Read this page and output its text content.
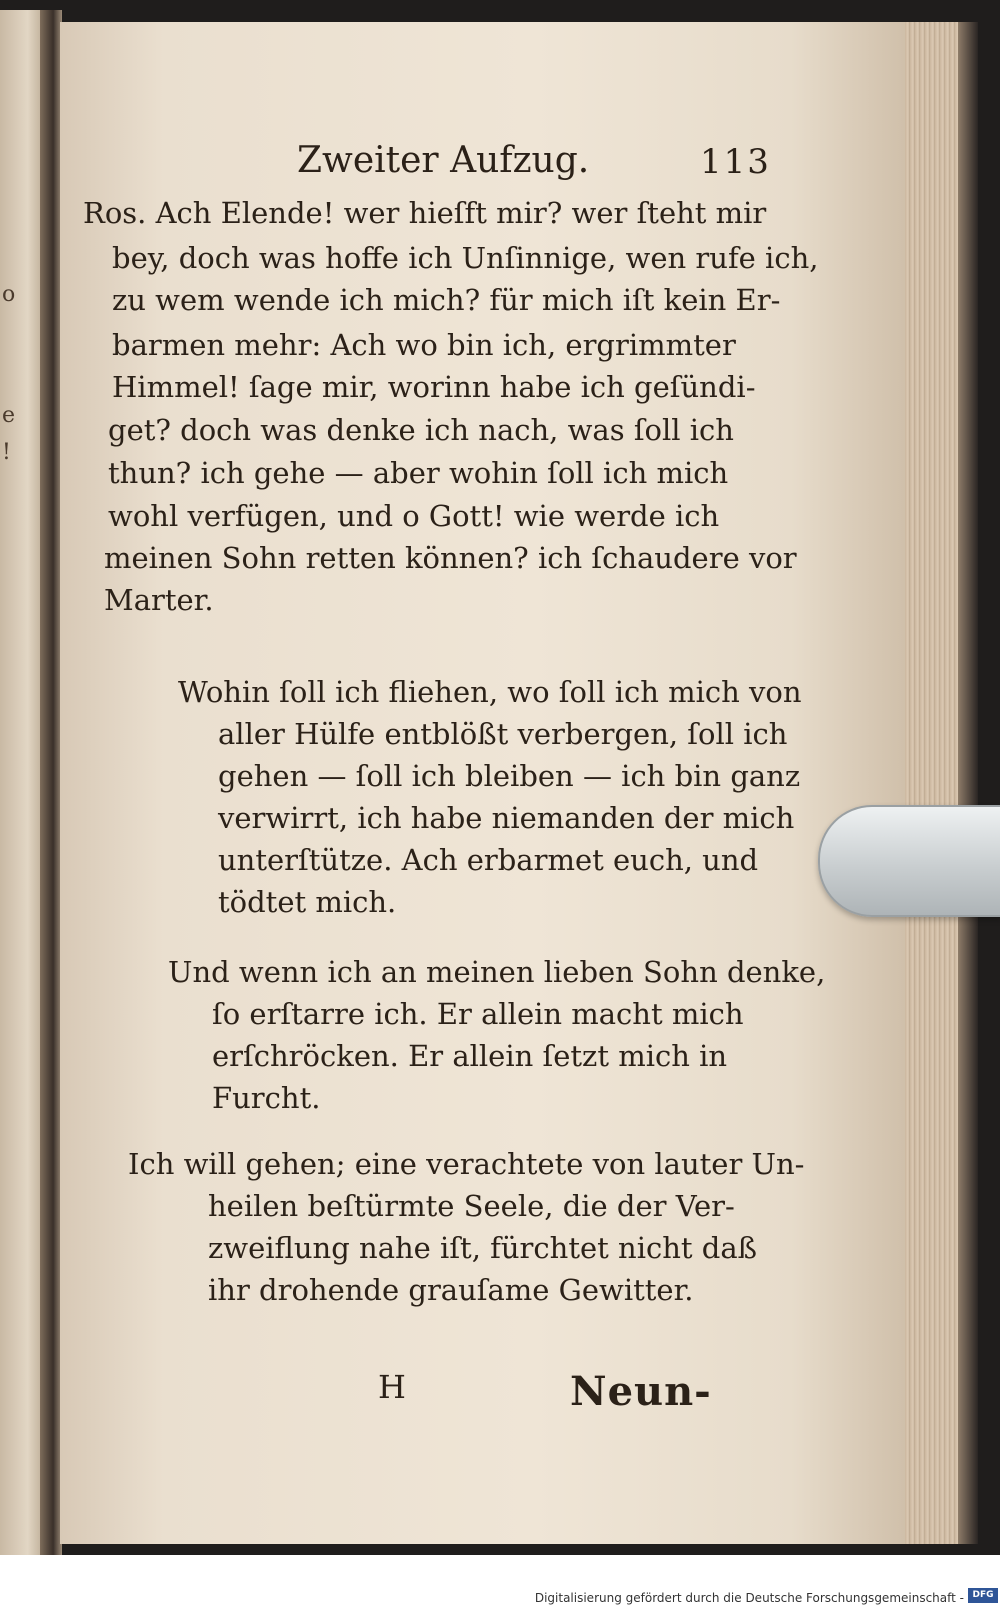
o
e
!
Zweiter Aufzug.	113
Ros. Ach Elende! wer hieſft mir? wer ſteht mir
bey, doch was hoffe ich Unſinnige, wen rufe ich,
zu wem wende ich mich? für mich iſt kein Er-
barmen mehr: Ach wo bin ich, ergrimmter
Himmel! ſage mir, worinn habe ich geſündi-
get? doch was denke ich nach, was ſoll ich
thun? ich gehe — aber wohin ſoll ich mich
wohl verfügen, und o Gott! wie werde ich
meinen Sohn retten können? ich ſchaudere vor
Marter.
Wohin ſoll ich fliehen, wo ſoll ich mich von
aller Hülfe entblößt verbergen, ſoll ich
gehen — ſoll ich bleiben — ich bin ganz
verwirrt, ich habe niemanden der mich
unterſtütze. Ach erbarmet euch, und
tödtet mich.
Und wenn ich an meinen lieben Sohn denke,
ſo erſtarre ich. Er allein macht mich
erſchröcken. Er allein ſetzt mich in
Furcht.
Ich will gehen; eine verachtete von lauter Un-
heilen beſtürmte Seele, die der Ver-
zweiflung nahe iſt, fürchtet nicht daß
ihr drohende grauſame Gewitter.
H	Neun-
Digitalisierung gefördert durch die Deutsche Forschungsgemeinschaft - DFG
